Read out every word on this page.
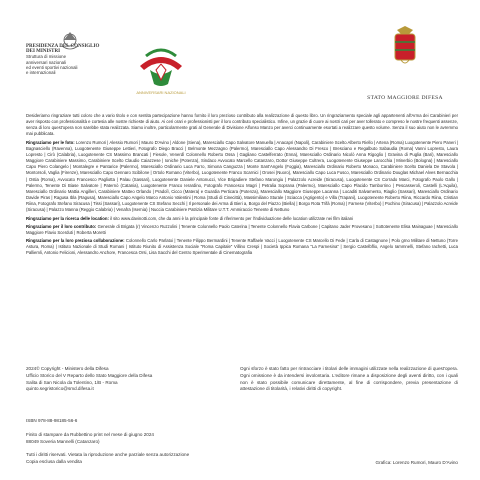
PRESIDENZA DEL CONSIGLIO
DEI MINISTRI
Struttura di missione
anniversari nazionali
ed eventi sportivi nazionali
e internazionali
ANNIVERSARI NAZIONALI
STATO MAGGIORE DIFESA

Desideriamo ringraziare tutti coloro che a vario titolo e con sentita partecipazione hanno fornito il loro prezioso contributo alla realizzazione di questo libro. Un ringraziamento speciale agli appartenenti all'Arma dei Carabinieri per aver risposto con professionalità e cortesia alle nostre richieste di aiuto. Ai ceri orari e professionisti per il loro contributo specialistico. Infine, un grazie di cuore ai nostri cari per aver tollerato e compreso le nostre frequenti assenze, senza di loro quest'opera non sarebbe stata realizzata. Siamo inoltre, particolarmente grati al Generale di Divisione Alfonso Manzo per averci continuamente esortati a realizzare questo volume. Senza il suo aiuto non le avremmo mai pubblicata.

Ringraziamo per le foto: Lorenzo Rumori | Alessio Rumori | Mauro D'Avino | Aldone (Siena), Maresciallo Capo Salvatore Manuella | Anacapri (Napoli), Carabiniere Scelto Alberto Riello | Artena (Roma) Luogotenente Piero Paneri | Bagnasciello (Ravenna), Luogotenente Giuseppe Lettieri, Fotografo Diego Bracci | Belmonte Mezzagno (Palermo), Maresciallo Capo Alessandro Di Fresco | Bresciano e Regalbuto Sabaudia (Roma) Vanni Lopresto, Laura Lopresto | Cirò (Calabria), Luogotenente CS Massimo Brancati | Fiesole, Venerdì Colonnello Roberto Ossa | Gagliano Castelferrato (Enna), Maresciallo Ordinario Nicolò Anna Rigoglio | Gravina di Puglia (Bari), Maresciallo Maggiore Carabiniere Massimo, Carabiniere Scelto Claudio Caiazzese | Ioniche (Potenza), Sindaco Avvocato Marcello Catanzaro, Dottor Giuseppe Cultrera, Luogotenente Giuseppe Larocchia | Minerbio (Bologna) | Maresciallo Capo Piero Colangelo | Montalegre e Pantarice (Palermo), Maresciallo Ordinario Luca Farro, Simona Canguzza | Monte Sant'Angelo (Foggia), Maresciallo Ordinario Roberto Monaco, Carabiniere Scelto Daniela De Stavola | Montorsoli, Vaglia (Firenze), Maresciallo Capo Gennaro Scibilone | Ortolo Romano (Viterbo), Luogotenente Franco Scarnici | Orosei (Nuoro), Maresciallo Capo Luca Fusco, Maresciallo Ordinario Douglas Michael Alves Bernacchia | Ostia (Roma), Avvocato Francesco Pagliotta | Palau (Sassari), Luogotenente Daniele Antonucci, Vice Brigadiere Stefano Marongiu | Palazzolo Acreide (Siracusa), Luogotenente CS Corrado Marci, Fotografo Paolo Gallo | Palermo, Tenente Di Biase Salvatore | Paternò (Catania), Luogotenente Franco Ierardino, Fotografo Francesco Magri | Petralia Soprana (Palermo), Maresciallo Capo Placido Tamborrino | Pescasseroli, Castelli (L'Aquila), Maresciallo Ordinario Mattia Angilleri, Carabiniere Matteo Orlando | Pradolì, Cicco (Matera) e Guardia Perticara (Potenza), Maresciallo Maggiore Giuseppe Lacanna | Locaditi Salvamento, Riaglio (Sassari), Maresciallo Ordinario Davide Piras | Ragusa Ibla (Ragusa), Maresciallo Capo Angelo Marco Antonio Valentini | Roma (Studi di Cinecittà), Massimiliano Sturale | Sciacca (Agrigento) e Villa (Trapani), Luogotenente Roberto Riina, Riccardo Riina, Cristian Riina, Fotografo Stefano Siracusa | Tissi (Sassari), Luogotenente CS Stefano Secchi | Il personale dei Arma di Bieri a, Borgo del Piazzo (Biella) | Borgo Rota Trifà (Roma) | Farnese (Viterbo) | Pochino (Siracusa) | Palazzolo Acreide (Siracusa) | Palazzo Manna (Reggio Calabria) | Venafra (Isernia) | Nuccia Carabiniere Patrizia Militare U.T.T. Ammiraccio Tenente di Nettuno

Ringraziamo per la ricerca delle location: il sito www.davinotti.com, che da anni è la principale fonte di riferimento per l'individuazione delle location utilizzate nei film italiani

Ringraziamo per il loro contributo: Generale di Brigata (r) Vincenzo Ruzzolini | Tenente Colonnello Paolo Caterina | Tenente Colonnello Flavia Carbone | Capitano Jader Provesano | Sottotenente Elisa Mainaguae | Maresciallo Maggiore Flavio Scerduti | Roberta Moretti

Ringraziamo per la loro preziosa collaborazione: Colonnello Carlo Parlatoi | Tenente Filippo Bermardini | Tenente Raffaele Vacci | Luogotenente CS Marcello Di Fede | Carla di Castagnone | Polo grno Militare di Nettuno (Torre Astura, Roma) | Istituto Nazionale di Studi Romani | Istituto Riunito di Assistenza Sociale "Roma Capitale" Villino Crespi | Società Ippica Romana "La Farnesina" | Sergio Castelbflio, Angelo Iammnelli, Stefano Iachetti, Luca Palliemli, Antonio Felicioni, Alessandro Anchore, Francesca Orsi, Lisa Sacchi del Centro Sperimentale di Cinematografia

2024© Copyright - Ministero della Difesa
Ufficio Storico del V Reparto dello Stato Maggiore della Difesa
Salita di San Nicola da Tolentino, 1/B - Roma
quinto.segristorico@smd.difesa.it
Ogni sforzo è stato fatto per rintracciare i titolari delle immagini utilizzate nella realizzazione di quest'opera. Ogni omissione è da intendersi involontaria. L'editore rimane a disposizione degli aventi diritto, con i quali non è stato possibile comunicare direttamente, al fine di corrispondere, previa presentazione di attestazione di titolarità, i relativi diritti di copyright.
ISBN 978-88-98185-56-6
Finito di stampare da Rubbettino print nel mese di giugno 2024
88049 Soveria Mannelli (Catanzaro)
Tutti i diritti riservati. Vietata la riproduzione anche parziale senza autorizzazione
Copia esclusa dalla vendita	Grafica: Lorenzo Rumori, Mauro D'Avino
